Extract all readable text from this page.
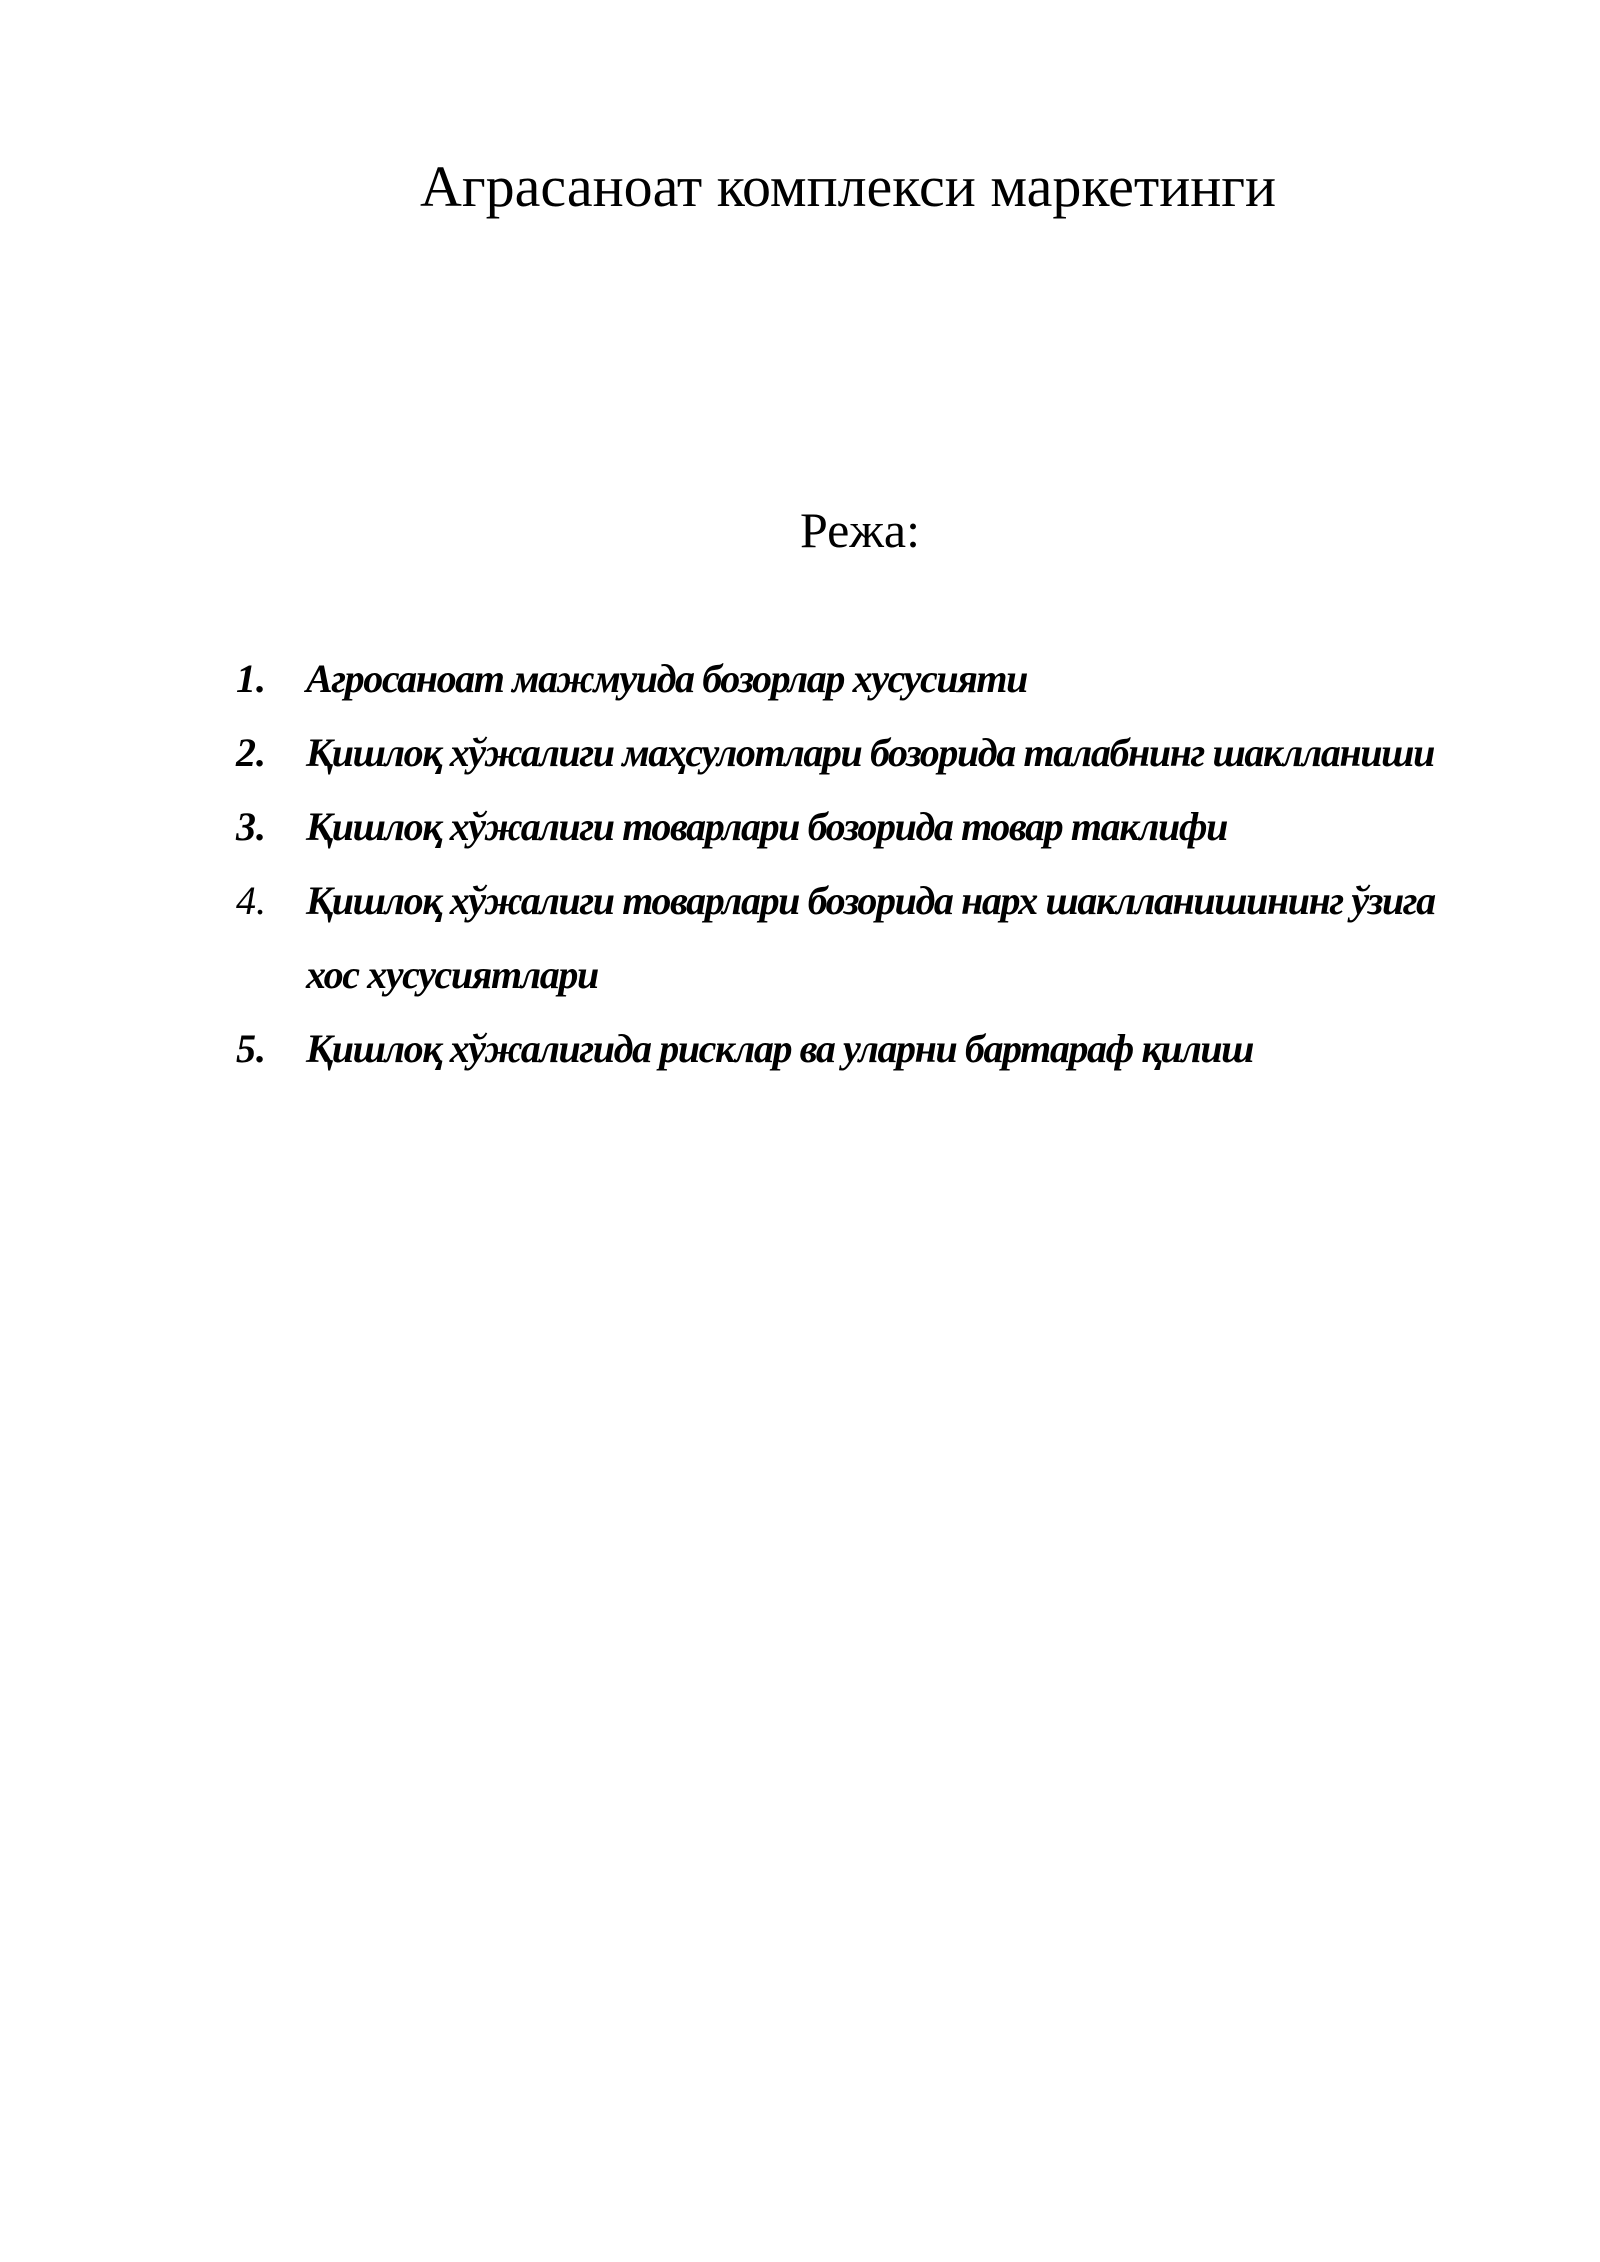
Аграсаноат комплекси маркетинги
Режа:
1. Агросаноат мажмуида бозорлар хусусияти
2. Қишлоқ хўжалиги маҳсулотлари бозорида талабнинг шаклланиши
3. Қишлоқ хўжалиги товарлари бозорида товар таклифи
4. Қишлоқ хўжалиги товарлари бозорида нарх шаклланишининг ўзига хос хусусиятлари
5. Қишлоқ хўжалигида рисклар ва уларни бартараф қилиш
